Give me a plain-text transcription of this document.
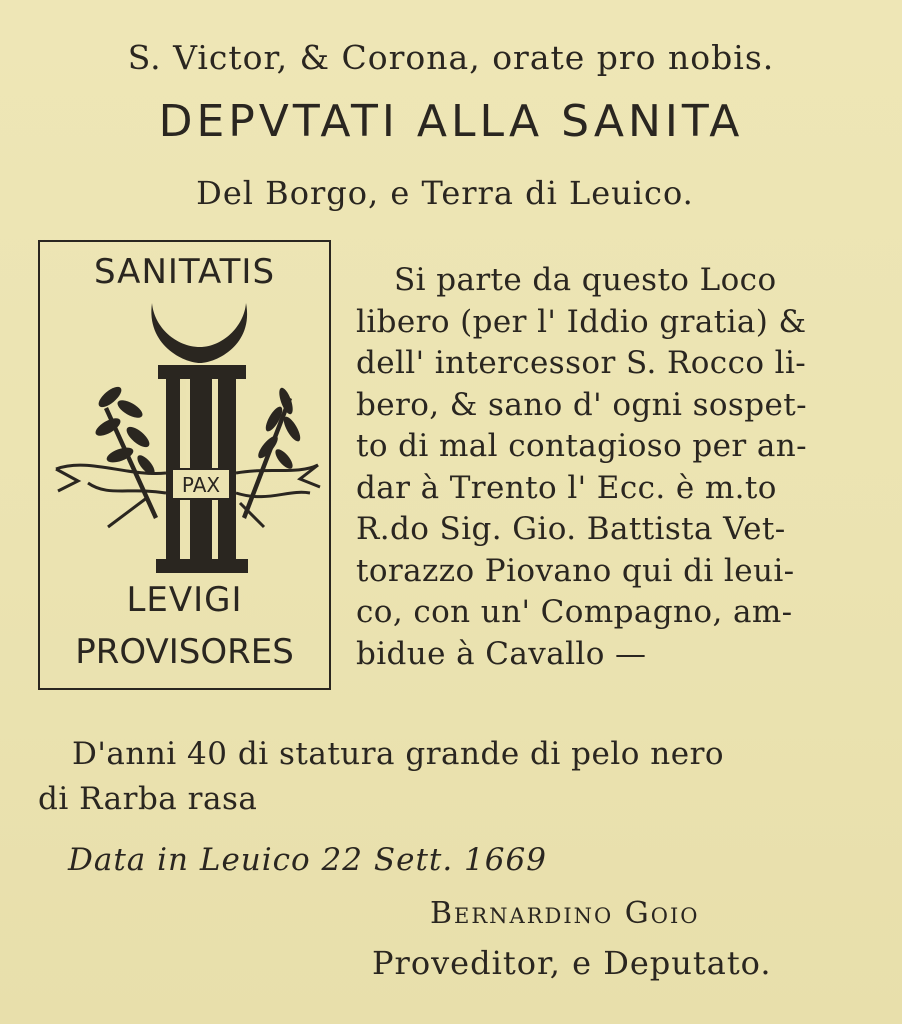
S. Victor, & Corona, orate pro nobis.
DEPVTATI ALLA SANITA
Del Borgo, e Terra di Leuico.
SANITATIS
PAX
LEVIGI
PROVISORES
Si parte da questo Loco
libero (per l' Iddio gratia) &
dell' intercessor S. Rocco li-
bero, & sano d' ogni sospet-
to di mal contagioso per an-
dar à Trento l' Ecc. è m.to
R.do Sig. Gio. Battista Vet-
torazzo Piovano qui di leui-
co, con un' Compagno, am-
bidue à Cavallo —
D'anni 40 di statura grande di pelo nero
di Rarba rasa
Data in Leuico 22 Sett. 1669
Bernardino Goio
Proveditor, e Deputato.
